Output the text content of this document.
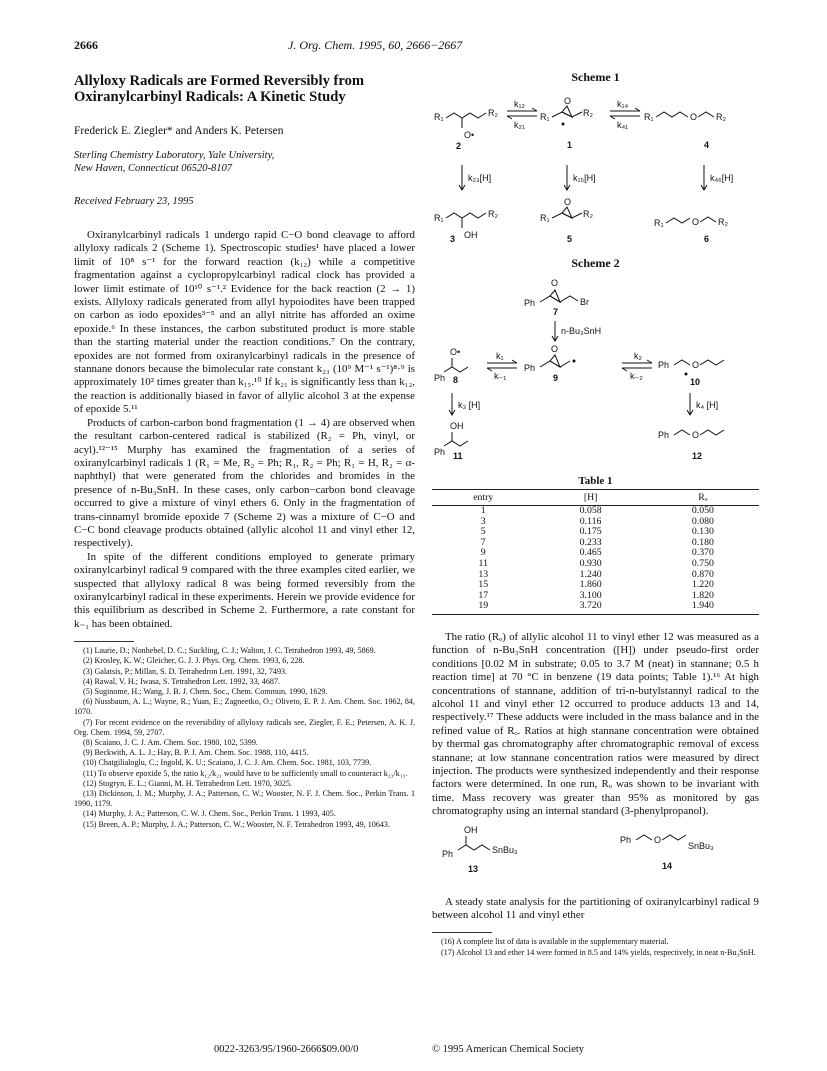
2666	J. Org. Chem. 1995, 60, 2666−2667
Allyloxy Radicals are Formed Reversibly from Oxiranylcarbinyl Radicals: A Kinetic Study
Frederick E. Ziegler* and Anders K. Petersen
Sterling Chemistry Laboratory, Yale University,
New Haven, Connecticut 06520-8107
Received February 23, 1995

Oxiranylcarbinyl radicals 1 undergo rapid C−O bond cleavage to afford allyloxy radicals 2 (Scheme 1). Spectroscopic studies¹ have placed a lower limit of 10⁸ s⁻¹ for the forward reaction (k₁₂) while a competitive fragmentation against a cyclopropylcarbinyl radical clock has provided a lower limit estimate of 10¹⁰ s⁻¹.² Evidence for the back reaction (2 → 1) exists. Allyloxy radicals generated from allyl hypoiodites have been trapped on carbon as iodo epoxides³⁻⁵ and an allyl nitrite has afforded an oxime epoxide.⁶ In these instances, the carbon substituted product is more stable than the starting material under the reaction conditions.⁷ On the contrary, epoxides are not formed from oxiranylcarbinyl radicals in the presence of stannane donors because the bimolecular rate constant k₂₃ (10⁹ M⁻¹ s⁻¹)⁸·⁹ is approximately 10² times greater than k₁₅.¹⁰ If k₂₁ is significantly less than k₁₂, the reaction is additionally biased in favor of allylic alcohol 3 at the expense of epoxide 5.¹¹

Products of carbon-carbon bond fragmentation (1 → 4) are observed when the resultant carbon-centered radical is stabilized (R₂ = Ph, vinyl, or acyl).¹²⁻¹⁵ Murphy has examined the fragmentation of a series of oxiranylcarbinyl radicals 1 (R₁ = Me, R₂ = Ph; R₁, R₂ = Ph; R₁ = H, R₂ = α-naphthyl) that were generated from the chlorides and bromides in the presence of n-Bu₃SnH. In these cases, only carbon−carbon bond cleavage occurred to give a mixture of vinyl ethers 6. Only in the fragmentation of trans-cinnamyl bromide epoxide 7 (Scheme 2) was a mixture of C−O and C−C bond cleavage products obtained (allylic alcohol 11 and vinyl ether 12, respectively).

In spite of the different conditions employed to generate primary oxiranylcarbinyl radical 9 compared with the three examples cited earlier, we suspected that allyloxy radical 8 was being formed reversibly from the oxiranylcarbinyl radical in these experiments. Herein we provide evidence for this equilibrium as described in Scheme 2. Furthermore, a rate constant for k₋₁ has been obtained.

(1) Laurie, D.; Nonhebel, D. C.; Suckling, C. J.; Walton, J. C. Tetrahedron 1993, 49, 5869.

(2) Krosley, K. W.; Gleicher, G. J. J. Phys. Org. Chem. 1993, 6, 228.

(3) Galatsis, P.; Millan, S. D. Tetrahedron Lett. 1991, 32, 7493.

(4) Rawal, V. H.; Iwasa, S. Tetrahedron Lett. 1992, 33, 4687.

(5) Suginome, H.; Wang, J. B. J. Chem. Soc., Chem. Commun. 1990, 1629.

(6) Nussbaum, A. L.; Wayne, R.; Yuan, E.; Zagneetko, O.; Oliveto, E. P. J. Am. Chem. Soc. 1962, 84, 1070.

(7) For recent evidence on the reversibility of allyloxy radicals see, Ziegler, F. E.; Petersen, A. K. J. Org. Chem. 1994, 59, 2707.

(8) Scaiano, J. C. J. Am. Chem. Soc. 1980, 102, 5399.

(9) Beckwith, A. L. J.; Hay, B. P. J. Am. Chem. Soc. 1988, 110, 4415.

(10) Chatgilialoglu, C.; Ingold, K. U.; Scaiano, J. C. J. Am. Chem. Soc. 1981, 103, 7739.

(11) To observe epoxide 5, the ratio k₁₂/k₂₁ would have to be sufficiently small to counteract k₂₃/k₁₅.

(12) Stogryn, E. L.; Gianni, M. H. Tetrahedron Lett. 1970, 3025.

(13) Dickinson, J. M.; Murphy, J. A.; Patterson, C. W.; Wooster, N. F. J. Chem. Soc., Perkin Trans. 1 1990, 1179.

(14) Murphy, J. A.; Patterson, C. W. J. Chem. Soc., Perkin Trans. 1 1993, 405.

(15) Breen, A. P.; Murphy, J. A.; Patterson, C. W.; Wooster, N. F. Tetrahedron 1993, 49, 10643.

Scheme 1
R₁	R₂
O•
2
k₁₂
k₂₁
R₁
O
R₂
1
k₁₄
k₄₁
R₁	O R₂
4
k₂₃[H]	k₁₅[H]	k₄₆[H]
R₁	R₂
OH
3
R₁
O
R₂
5
R₁	O R₂
6
Scheme 2
Ph
O
Br
7
n-Bu₃SnH
O•
Ph 8
k₁
k₋₁
Ph
O
9
k₂
k₋₂
Ph	O
10
k₃ [H]	k₄ [H]
OH
Ph 11
Ph	O
12
Table 1
entry	[H]	Rₒ
1	0.058	0.050
3	0.116	0.080
5	0.175	0.130
7	0.233	0.180
9	0.465	0.370
11	0.930	0.750
13	1.240	0.870
15	1.860	1.220
17	3.100	1.820
19	3.720	1.940

The ratio (Rₒ) of allylic alcohol 11 to vinyl ether 12 was measured as a function of n-Bu₃SnH concentration ([H]) under pseudo-first order conditions [0.02 M in substrate; 0.05 to 3.7 M (neat) in stannane; 0.5 h reaction time] at 70 °C in benzene (19 data points; Table 1).¹⁶ At high concentrations of stannane, addition of tri-n-butylstannyl radical to the alcohol 11 and vinyl ether 12 occurred to produce adducts 13 and 14, respectively.¹⁷ These adducts were included in the mass balance and in the refined value of Rₒ. Ratios at high stannane concentration were obtained by thermal gas chromatography after chromatographic removal of excess stannane; at low stannane concentration ratios were measured by direct injection. The products were synthesized independently and their response factors were determined. In one run, Rₒ was shown to be invariant with time. Mass recovery was greater than 95% as monitored by gas chromatography using an internal standard (3-phenylpropanol).

OH
Ph	SnBu₃
13
Ph	O
SnBu₃
14

A steady state analysis for the partitioning of oxiranylcarbinyl radical 9 between alcohol 11 and vinyl ether

(16) A complete list of data is available in the supplementary material.

(17) Alcohol 13 and ether 14 were formed in 8.5 and 14% yields, respectively, in neat n-Bu₃SnH.

0022-3263/95/1960-2666$09.00/0	© 1995 American Chemical Society
